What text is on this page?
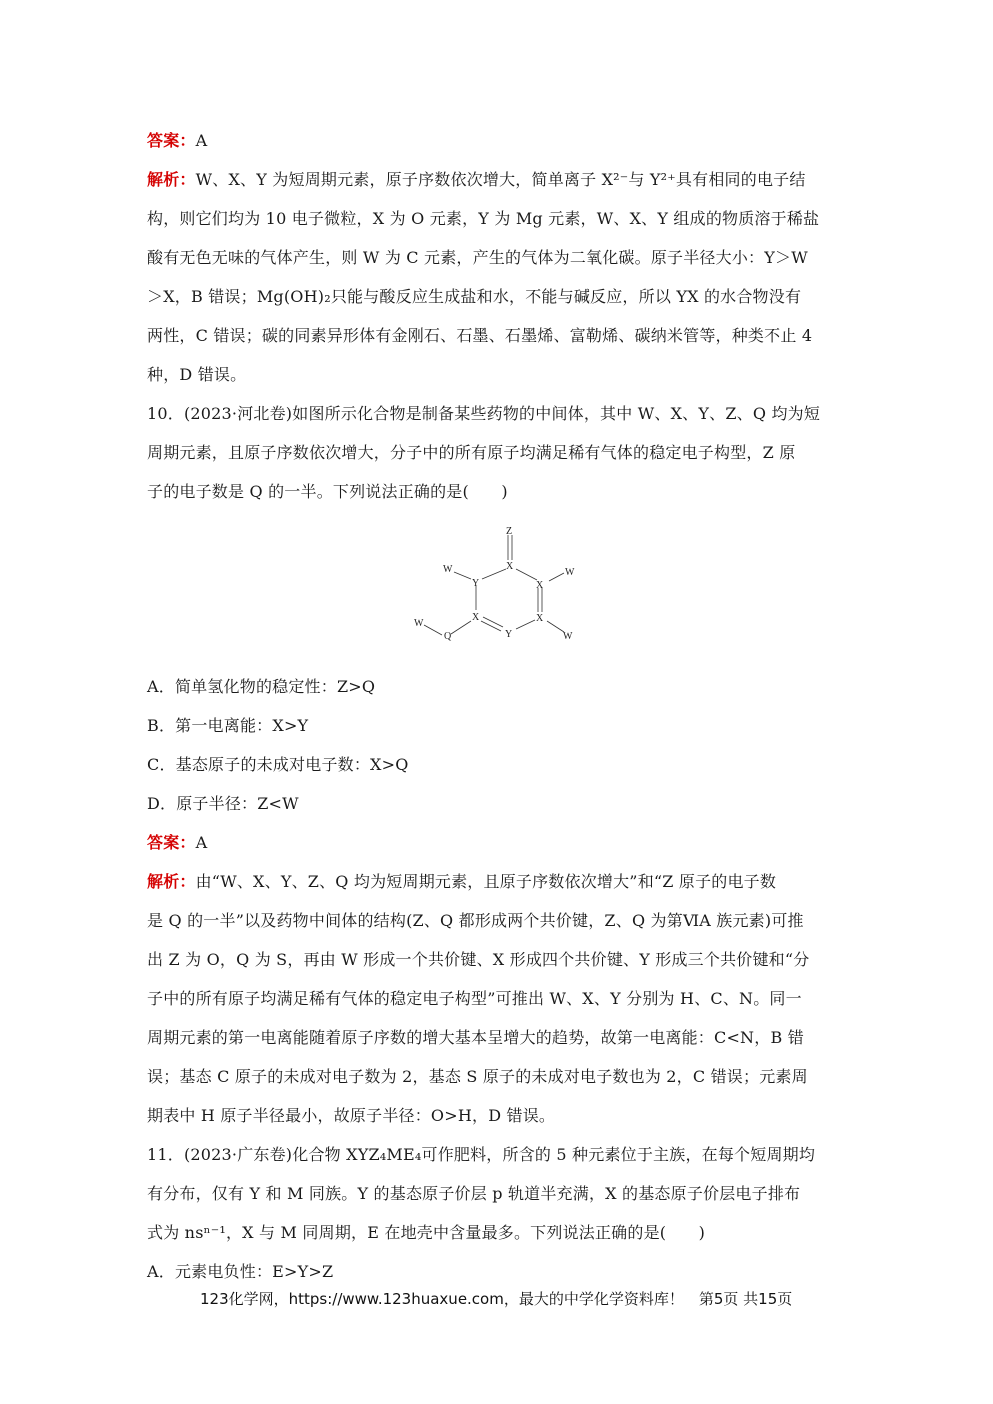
答案：A
解析：W、X、Y 为短周期元素，原子序数依次增大，简单离子 X²⁻与 Y²⁺具有相同的电子结
构，则它们均为 10 电子微粒，X 为 O 元素，Y 为 Mg 元素，W、X、Y 组成的物质溶于稀盐
酸有无色无味的气体产生，则 W 为 C 元素，产生的气体为二氧化碳。原子半径大小：Y＞W
＞X，B 错误；Mg(OH)₂只能与酸反应生成盐和水，不能与碱反应，所以 YX 的水合物没有
两性，C 错误；碳的同素异形体有金刚石、石墨、石墨烯、富勒烯、碳纳米管等，种类不止 4
种，D 错误。
10．(2023·河北卷)如图所示化合物是制备某些药物的中间体，其中 W、X、Y、Z、Q 均为短
周期元素，且原子序数依次增大，分子中的所有原子均满足稀有气体的稳定电子构型，Z 原
子的电子数是 Q 的一半。下列说法正确的是(　　)
Z
X
Y	X
X
Y
X
Q
W	W
W
W
A．简单氢化物的稳定性：Z>Q
B．第一电离能：X>Y
C．基态原子的未成对电子数：X>Q
D．原子半径：Z<W
答案：A
解析：由“W、X、Y、Z、Q 均为短周期元素，且原子序数依次增大”和“Z 原子的电子数
是 Q 的一半”以及药物中间体的结构(Z、Q 都形成两个共价键，Z、Q 为第ⅥA 族元素)可推
出 Z 为 O，Q 为 S，再由 W 形成一个共价键、X 形成四个共价键、Y 形成三个共价键和“分
子中的所有原子均满足稀有气体的稳定电子构型”可推出 W、X、Y 分别为 H、C、N。同一
周期元素的第一电离能随着原子序数的增大基本呈增大的趋势，故第一电离能：C<N，B 错
误；基态 C 原子的未成对电子数为 2，基态 S 原子的未成对电子数也为 2，C 错误；元素周
期表中 H 原子半径最小，故原子半径：O>H，D 错误。
11．(2023·广东卷)化合物 XYZ₄ME₄可作肥料，所含的 5 种元素位于主族，在每个短周期均
有分布，仅有 Y 和 M 同族。Y 的基态原子价层 p 轨道半充满，X 的基态原子价层电子排布
式为 nsⁿ⁻¹，X 与 M 同周期，E 在地壳中含量最多。下列说法正确的是(　　)
A．元素电负性：E>Y>Z
123化学网，https://www.123huaxue.com，最大的中学化学资料库！　第5页 共15页
